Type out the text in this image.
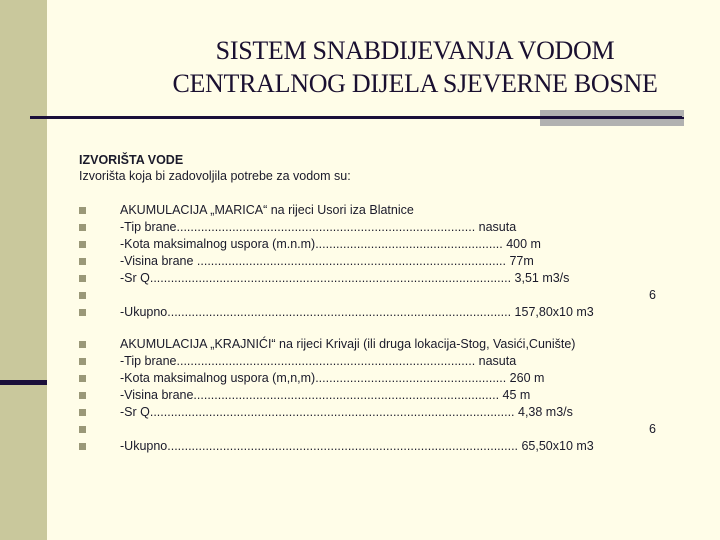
SISTEM SNABDIJEVANJA VODOM
CENTRALNOG DIJELA SJEVERNE BOSNE
IZVORIŠTA VODE
Izvorišta koja bi zadovoljila potrebe za vodom su:
AKUMULACIJA „MARICA“ na rijeci Usori iza Blatnice
-Tip brane...................................................................................... nasuta
-Kota maksimalnog uspora (m.n.m)...................................................... 400 m
-Visina brane ......................................................................................... 77m
-Sr Q........................................................................................................ 3,51 m3/s
6
-Ukupno................................................................................................... 157,80x10 m3
AKUMULACIJA „KRAJNIĆI“ na rijeci Krivaji (ili druga lokacija-Stog, Vasići,Cunište)
-Tip brane...................................................................................... nasuta
-Kota maksimalnog uspora (m,n,m)....................................................... 260 m
-Visina brane........................................................................................ 45 m
-Sr Q......................................................................................................... 4,38 m3/s
6
-Ukupno..................................................................................................... 65,50x10 m3
